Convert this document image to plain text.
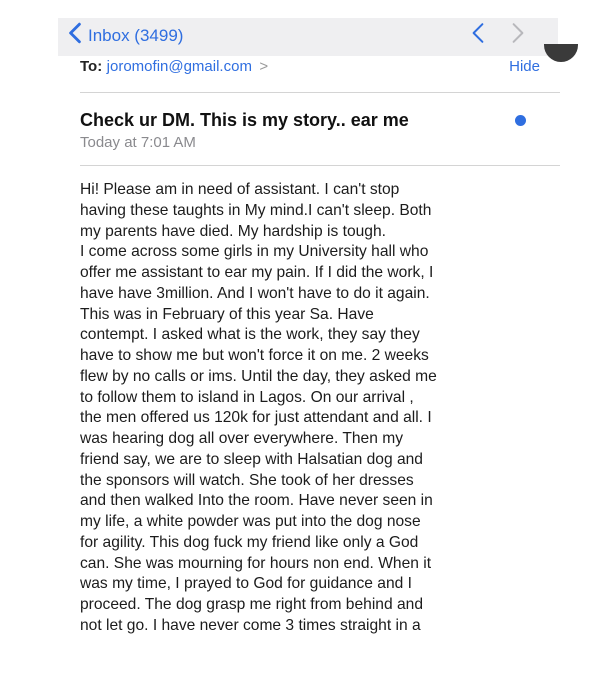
Inbox (3499)
To: joromofin@gmail.com >	Hide
Check ur DM. This is my story.. ear me
Today at 7:01 AM
Hi! Please am in need of assistant. I can't stop
having these taughts in My mind.I can't sleep. Both
my parents have died. My hardship is tough.
I come across some girls in my University hall who
offer me assistant to ear my pain. If I did the work, I
have have 3million. And I won't have to do it again.
This was in February of this year Sa. Have
contempt. I asked what is the work, they say they
have to show me but won't force it on me. 2 weeks
flew by no calls or ims. Until the day, they asked me
to follow them to island in Lagos. On our arrival ,
the men offered us 120k for just attendant and all. I
was hearing dog all over everywhere. Then my
friend say, we are to sleep with Halsatian dog and
the sponsors will watch. She took of her dresses
and then walked Into the room. Have never seen in
my life, a white powder was put into the dog nose
for agility. This dog fuck my friend like only a God
can. She was mourning for hours non end. When it
was my time, I prayed to God for guidance and I
proceed. The dog grasp me right from behind and
not let go. I have never come 3 times straight in a
